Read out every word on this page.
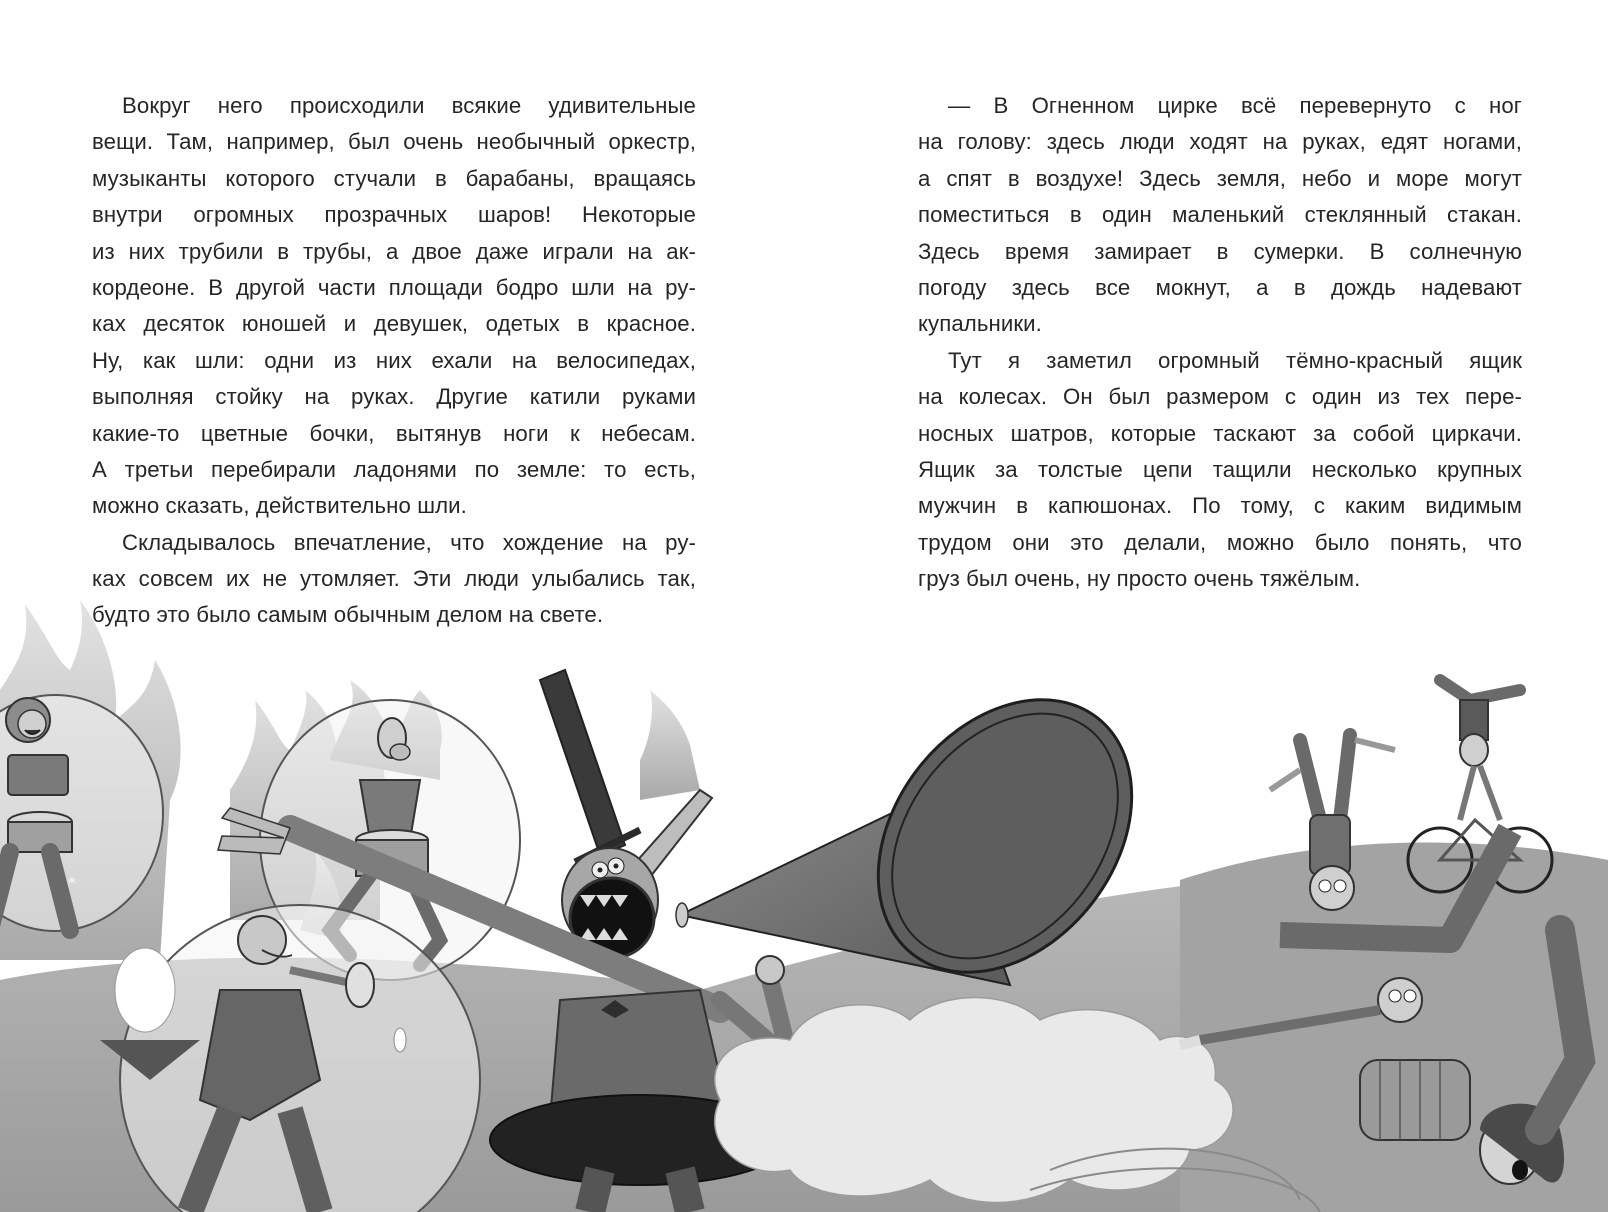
Вокруг него происходили всякие удивительные
вещи. Там, например, был очень необычный оркестр,
музыканты которого стучали в барабаны, вращаясь
внутри огромных прозрачных шаров! Некоторые
из них трубили в трубы, а двое даже играли на ак-
кордеоне. В другой части площади бодро шли на ру-
ках десяток юношей и девушек, одетых в красное.
Ну, как шли: одни из них ехали на велосипедах,
выполняя стойку на руках. Другие катили руками
какие-то цветные бочки, вытянув ноги к небесам.
А третьи перебирали ладонями по земле: то есть,
можно сказать, действительно шли.

Складывалось впечатление, что хождение на ру-
ках совсем их не утомляет. Эти люди улыбались так,
будто это было самым обычным делом на свете.

— В Огненном цирке всё перевернуто с ног
на голову: здесь люди ходят на руках, едят ногами,
а спят в воздухе! Здесь земля, небо и море могут
поместиться в один маленький стеклянный стакан.
Здесь время замирает в сумерки. В солнечную
погоду здесь все мокнут, а в дождь надевают
купальники.

Тут я заметил огромный тёмно-красный ящик
на колесах. Он был размером с один из тех пере-
носных шатров, которые таскают за собой циркачи.
Ящик за толстые цепи тащили несколько крупных
мужчин в капюшонах. По тому, с каким видимым
трудом они это делали, можно было понять, что
груз был очень, ну просто очень тяжёлым.
